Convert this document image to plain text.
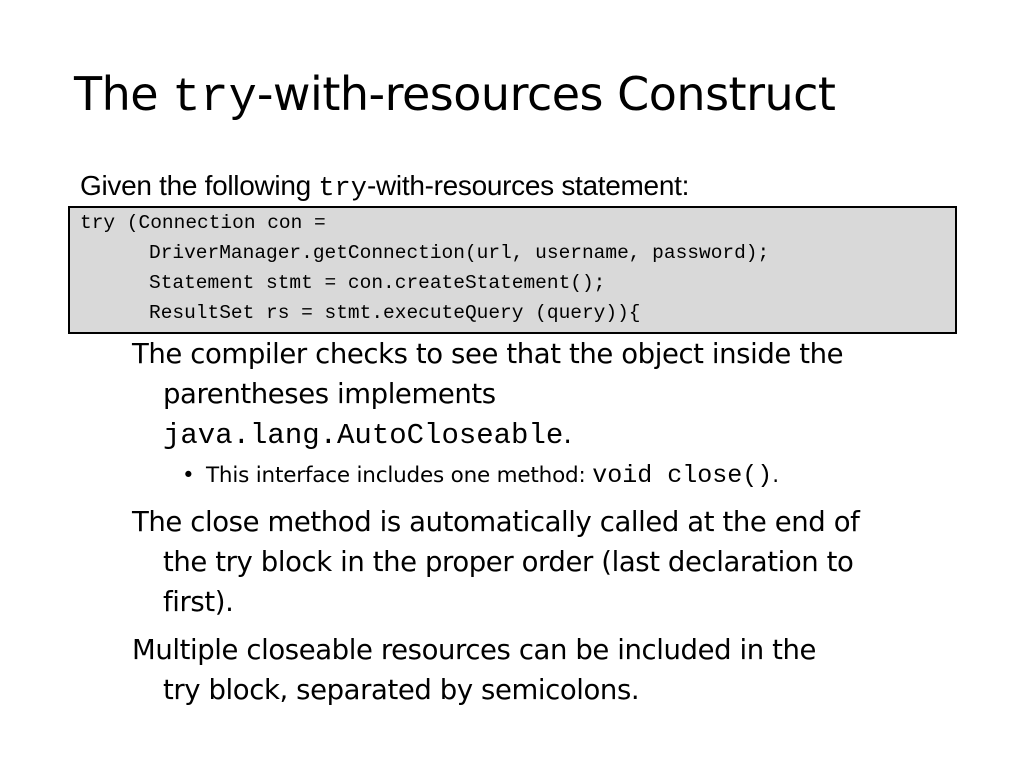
The try-with-resources Construct
Given the following try-with-resources statement:
try (Connection con =
DriverManager.getConnection(url, username, password);
Statement stmt = con.createStatement();
ResultSet rs = stmt.executeQuery (query)){
The compiler checks to see that the object inside the
parentheses implements
java.lang.AutoCloseable.
• This interface includes one method: void close().
The close method is automatically called at the end of
the try block in the proper order (last declaration to
first).
Multiple closeable resources can be included in the
try block, separated by semicolons.
